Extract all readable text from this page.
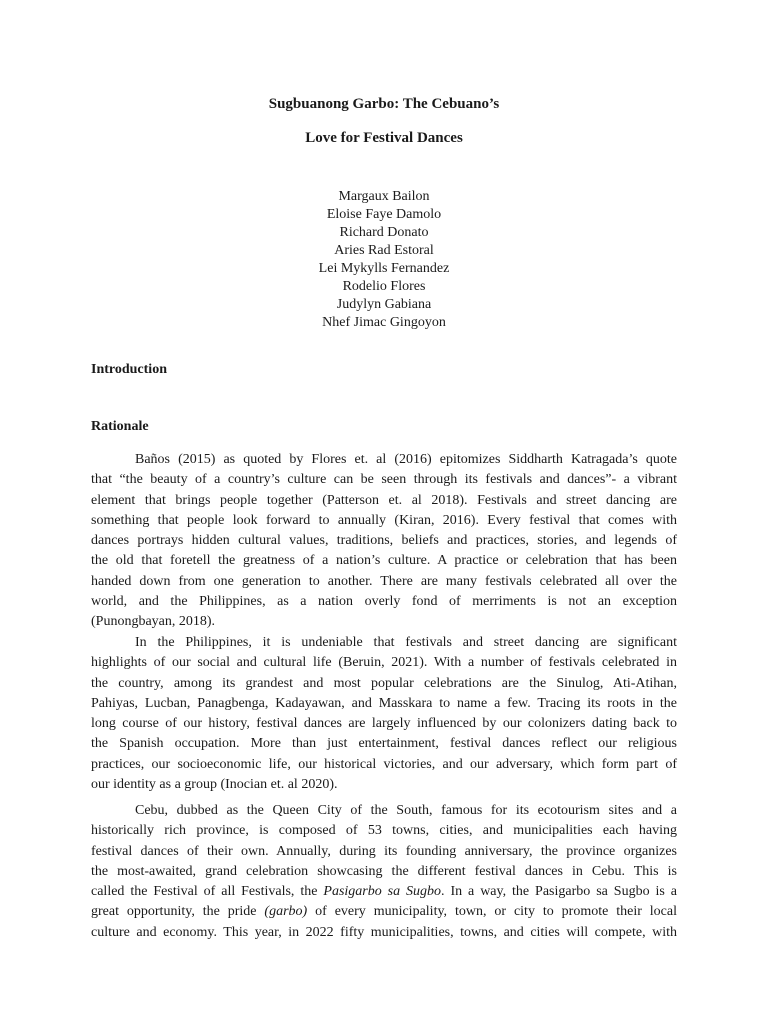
Sugbuanong Garbo: The Cebuano’s
Love for Festival Dances
Margaux Bailon
Eloise Faye Damolo
Richard Donato
Aries Rad Estoral
Lei Mykylls Fernandez
Rodelio Flores
Judylyn Gabiana
Nhef Jimac Gingoyon
Introduction
Rationale
Baños (2015) as quoted by Flores et. al (2016) epitomizes Siddharth Katragada’s quote
that “the beauty of a country’s culture can be seen through its festivals and dances”- a vibrant
element that brings people together (Patterson et. al 2018). Festivals and street dancing are
something that people look forward to annually (Kiran, 2016). Every festival that comes with
dances portrays hidden cultural values, traditions, beliefs and practices, stories, and legends of
the old that foretell the greatness of a nation’s culture. A practice or celebration that has been
handed down from one generation to another. There are many festivals celebrated all over the
world, and the Philippines, as a nation overly fond of merriments is not an exception
(Punongbayan, 2018).
In the Philippines, it is undeniable that festivals and street dancing are significant
highlights of our social and cultural life (Beruin, 2021). With a number of festivals celebrated in
the country, among its grandest and most popular celebrations are the Sinulog, Ati-Atihan,
Pahiyas, Lucban, Panagbenga, Kadayawan, and Masskara to name a few. Tracing its roots in the
long course of our history, festival dances are largely influenced by our colonizers dating back to
the Spanish occupation. More than just entertainment, festival dances reflect our religious
practices, our socioeconomic life, our historical victories, and our adversary, which form part of
our identity as a group (Inocian et. al 2020).
Cebu, dubbed as the Queen City of the South, famous for its ecotourism sites and a
historically rich province, is composed of 53 towns, cities, and municipalities each having
festival dances of their own. Annually, during its founding anniversary, the province organizes
the most-awaited, grand celebration showcasing the different festival dances in Cebu. This is
called the Festival of all Festivals, the Pasigarbo sa Sugbo. In a way, the Pasigarbo sa Sugbo is a
great opportunity, the pride (garbo) of every municipality, town, or city to promote their local
culture and economy. This year, in 2022 fifty municipalities, towns, and cities will compete, with
